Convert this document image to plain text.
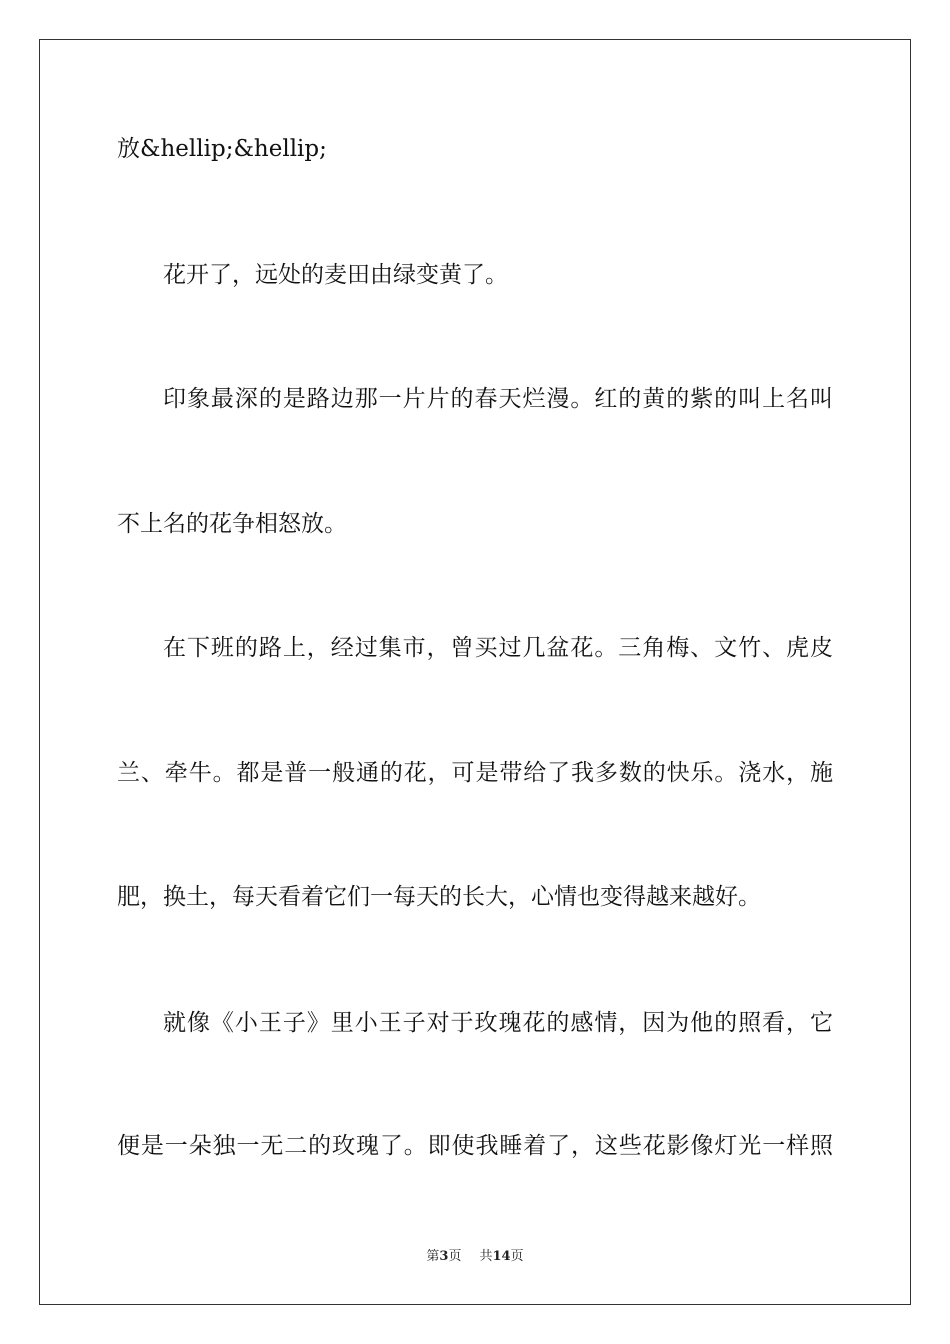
放&hellip;&hellip;
花开了，远处的麦田由绿变黄了。
印象最深的是路边那一片片的春天烂漫。红的黄的紫的叫上名叫
不上名的花争相怒放。
在下班的路上，经过集市，曾买过几盆花。三角梅、文竹、虎皮
兰、牵牛。都是普一般通的花，可是带给了我多数的快乐。浇水，施
肥，换土，每天看着它们一每天的长大，心情也变得越来越好。
就像《小王子》里小王子对于玫瑰花的感情，因为他的照看，它
便是一朵独一无二的玫瑰了。即使我睡着了，这些花影像灯光一样照
第3页 共14页
